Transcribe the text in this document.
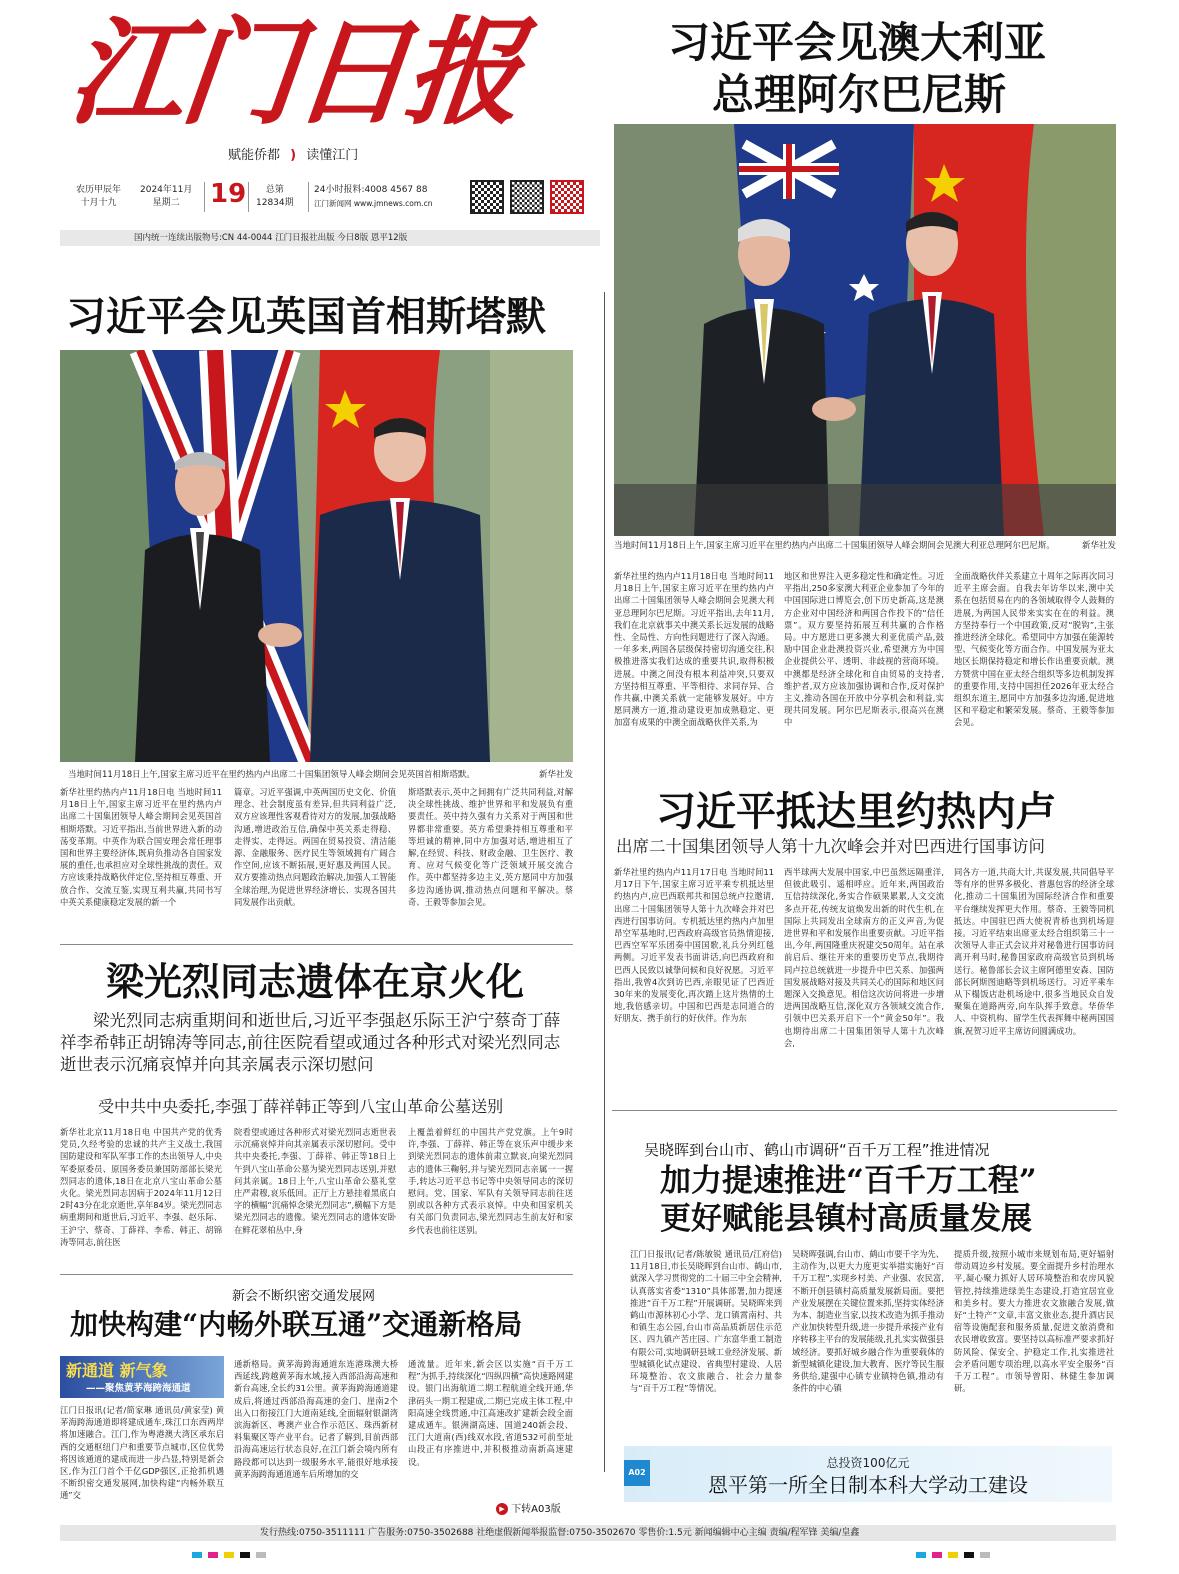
江门日报
赋能侨都 ) 读懂江门
农历甲辰年
十月十九
2024年11月
星期二	19	总第
12834期
24小时报料:4008 4567 88
江门新闻网 www.jmnews.com.cn
国内统一连续出版物号:CN 44-0044 江门日报社出版 今日8版 恩平12版
习近平会见澳大利亚
总理阿尔巴尼斯
当地时间11月18日上午,国家主席习近平在里约热内卢出席二十国集团领导人峰会期间会见澳大利亚总理阿尔巴尼斯。	新华社发
新华社里约热内卢11月18日电 当地时间11月18日上午,国家主席习近平在里约热内卢出席二十国集团领导人峰会期间会见澳大利亚总理阿尔巴尼斯。习近平指出,去年11月,我们在北京就事关中澳关系长远发展的战略性、全局性、方向性问题进行了深入沟通。一年多来,两国各层级保持密切沟通交往,积极推进落实我们达成的重要共识,取得积极进展。中澳之间没有根本利益冲突,只要双方坚持相互尊重、平等相待、求同存异、合作共赢,中澳关系就一定能够发展好。中方愿同澳方一道,推动建设更加成熟稳定、更加富有成果的中澳全面战略伙伴关系,为
地区和世界注入更多稳定性和确定性。习近平指出,250多家澳大利亚企业参加了今年的中国国际进口博览会,创下历史新高,这是澳方企业对中国经济和两国合作投下的“信任票”。双方要坚持拓展互利共赢的合作格局。中方愿进口更多澳大利亚优质产品,鼓励中国企业赴澳投资兴业,希望澳方为中国企业提供公平、透明、非歧视的营商环境。中澳都是经济全球化和自由贸易的支持者,维护者,双方应该加强协调和合作,反对保护主义,推动各国在开放中分享机会和利益,实现共同发展。阿尔巴尼斯表示,很高兴在澳中
全面战略伙伴关系建立十周年之际再次同习近平主席会面。自我去年访华以来,澳中关系在包括贸易在内的各领域取得令人鼓舞的进展,为两国人民带来实实在在的利益。澳方坚持奉行一个中国政策,反对“脱钩”,主张推进经济全球化。希望同中方加强在能源转型、气候变化等方面合作。中国发展为亚太地区长期保持稳定和增长作出重要贡献。澳方赞赏中国在亚太经合组织等多边机制发挥的重要作用,支持中国担任2026年亚太经合组织东道主,愿同中方加强多边沟通,促进地区和平稳定和繁荣发展。蔡奇、王毅等参加会见。
习近平抵达里约热内卢
出席二十国集团领导人第十九次峰会并对巴西进行国事访问
新华社里约热内卢11月17日电 当地时间11月17日下午,国家主席习近平乘专机抵达里约热内卢,应巴西联邦共和国总统卢拉邀请,出席二十国集团领导人第十九次峰会并对巴西进行国事访问。专机抵达里约热内卢加里昂空军基地时,巴西政府高级官员热情迎接,巴西空军军乐团奏中国国歌,礼兵分列红毯两侧。习近平发表书面讲话,向巴西政府和巴西人民致以诚挚问候和良好祝愿。习近平指出,我曾4次到访巴西,亲眼见证了巴西近30年来的发展变化,再次踏上这片热情的土地,我倍感亲切。中国和巴西是志同道合的好朋友、携手前行的好伙伴。作为东
西半球两大发展中国家,中巴虽然远隔重洋,但彼此吸引、遥相呼应。近年来,两国政治互信持续深化,务实合作硕果累累,人文交流多点开花,传统友谊焕发出新的时代生机,在国际上共同发出全球南方的正义声音,为促进世界和平和发展作出重要贡献。习近平指出,今年,两国隆重庆祝建交50周年。站在承前启后、继往开来的重要历史节点,我期待同卢拉总统就进一步提升中巴关系、加强两国发展战略对接及共同关心的国际和地区问题深入交换意见。相信这次访问将进一步增进两国战略互信,深化双方各领域交流合作,引领中巴关系开启下一个“黄金50年”。我也期待出席二十国集团领导人第十九次峰会,
同各方一道,共商大计,共谋发展,共同倡导平等有序的世界多极化、普惠包容的经济全球化,推动二十国集团为国际经济合作和重要平台继续发挥更大作用。蔡奇、王毅等同机抵达。中国驻巴西大使祝青桥也到机场迎接。习近平结束出席亚太经合组织第三十一次领导人非正式会议并对秘鲁进行国事访问离开利马时,秘鲁国家政府高级官员到机场送行。秘鲁部长会议主席阿德里安森、国防部长阿斯图迪略等到机场送行。习近平乘车从下榻饭店赴机场途中,很多当地民众自发聚集在道路两旁,向车队挥手致意。华侨华人、中资机构、留学生代表挥舞中秘两国国旗,祝贺习近平主席访问圆满成功。
吴晓晖到台山市、鹤山市调研“百千万工程”推进情况
加力提速推进“百千万工程”
更好赋能县镇村高质量发展
江门日报讯(记者/陈敏锐 通讯员/江府信) 11月18日,市长吴晓晖到台山市、鹤山市,就深入学习贯彻党的二十届三中全会精神,认真落实省委“1310”具体部署,加力提速推进“百千万工程”开展调研。吴晓晖来到鹤山市源林初心小学、龙口镇霄南村、共和镇生态公园,台山市高品质新居住示范区、四九镇产苦庄园、广东富华重工制造有限公司,实地调研县域工业经济发展、新型城镇化试点建设、省典型村建设、人居环境整治、农文旅融合、社会力量参与“百千万工程”等情况。
吴晓晖强调,台山市、鹤山市要千字为先、主动作为,以更大力度更实举措实施好“百千万工程”,实现乡村美、产业强、农民富,不断开创县镇村高质量发展新局面。要把产业发展摆在关键位置来抓,坚持实体经济为本、制造业当家,以技术改造为抓手推动产业加快转型升级,进一步提升承接产业有序转移主平台的发展能级,扎扎实实做强县域经济。要抓好城乡融合作为重要载体的新型城镇化建设,加大教育、医疗等民生服务供给,建强中心镇专业镇特色镇,推动有条件的中心镇
提质升级,按照小城市来规划布局,更好辐射带动周边乡村发展。要全面提升乡村治理水平,凝心聚力抓好人居环境整治和农房风貌管控,持续推进绿美生态建设,打造宜居宜业和美乡村。要大力推进农文旅融合发展,做好“土特产”文章,丰富文旅业态,提升酒店民宿等设施配套和服务质量,促进文旅消费和农民增收致富。要坚持以高标准严要求抓好防风险、保安全、护稳定工作,扎实推进社会矛盾问题专项治理,以高水平安全服务“百千万工程”。市领导曾阳、林健生参加调研。
A02
总投资100亿元
恩平第一所全日制本科大学动工建设
习近平会见英国首相斯塔默
当地时间11月18日上午,国家主席习近平在里约热内卢出席二十国集团领导人峰会期间会见英国首相斯塔默。	新华社发
新华社里约热内卢11月18日电 当地时间11月18日上午,国家主席习近平在里约热内卢出席二十国集团领导人峰会期间会见英国首相斯塔默。习近平指出,当前世界进入新的动荡变革期。中英作为联合国安理会常任理事国和世界主要经济体,既肩负推动各自国家发展的重任,也承担应对全球性挑战的责任。双方应该秉持战略伙伴定位,坚持相互尊重、开放合作、交流互鉴,实现互利共赢,共同书写中英关系健康稳定发展的新一个
篇章。习近平强调,中英两国历史文化、价值理念、社会制度虽有差异,但共同利益广泛,双方应该理性客观看待对方的发展,加强战略沟通,增进政治互信,确保中英关系走得稳、走得实、走得远。两国在贸易投资、清洁能源、金融服务、医疗民生等领域拥有广阔合作空间,应该不断拓展,更好惠及两国人民。双方要推动热点问题政治解决,加强人工智能全球治理,为促进世界经济增长、实现各国共同发展作出贡献。
斯塔默表示,英中之间拥有广泛共同利益,对解决全球性挑战、维护世界和平和发展负有重要责任。英中持久强有力关系对于两国和世界都非常重要。英方希望秉持相互尊重和平等坦诚的精神,同中方加强对话,增进相互了解,在经贸、科技、财政金融、卫生医疗、教育、应对气候变化等广泛领域开展交流合作。英中都坚持多边主义,英方愿同中方加强多边沟通协调,推动热点问题和平解决。蔡奇、王毅等参加会见。
梁光烈同志遗体在京火化
梁光烈同志病重期间和逝世后,习近平李强赵乐际王沪宁蔡奇丁薛祥李希韩正胡锦涛等同志,前往医院看望或通过各种形式对梁光烈同志逝世表示沉痛哀悼并向其亲属表示深切慰问
受中共中央委托,李强丁薛祥韩正等到八宝山革命公墓送别
新华社北京11月18日电 中国共产党的优秀党员,久经考验的忠诚的共产主义战士,我国国防建设和军队军事工作的杰出领导人,中央军委原委员、原国务委员兼国防部部长梁光烈同志的遗体,18日在北京八宝山革命公墓火化。梁光烈同志因病于2024年11月12日2时43分在北京逝世,享年84岁。梁光烈同志病重期间和逝世后,习近平、李强、赵乐际、王沪宁、蔡奇、丁薛祥、李希、韩正、胡锦涛等同志,前往医
院看望或通过各种形式对梁光烈同志逝世表示沉痛哀悼并向其亲属表示深切慰问。受中共中央委托,李强、丁薛祥、韩正等18日上午到八宝山革命公墓为梁光烈同志送别,并慰问其亲属。18日上午,八宝山革命公墓礼堂庄严肃穆,哀乐低回。正厅上方悬挂着黑底白字的横幅“沉痛悼念梁光烈同志”,横幅下方是梁光烈同志的遗像。梁光烈同志的遗体安卧在鲜花翠柏丛中,身
上覆盖着鲜红的中国共产党党旗。上午9时许,李强、丁薛祥、韩正等在哀乐声中缓步来到梁光烈同志的遗体前肃立默哀,向梁光烈同志的遗体三鞠躬,并与梁光烈同志亲属一一握手,转达习近平总书记等中央领导同志的深切慰问。党、国家、军队有关领导同志前往送别或以各种方式表示哀悼。中央和国家机关有关部门负责同志,梁光烈同志生前友好和家乡代表也前往送别。
新会不断织密交通发展网
加快构建“内畅外联互通”交通新格局
新通道 新气象
——聚焦黄茅海跨海通道
江门日报讯(记者/简家琳 通讯员/黄家莹) 黄茅海跨海通道即将建成通车,珠江口东西两岸将加速融合。江门,作为粤港澳大湾区承东启西的交通枢纽门户和重要节点城市,区位优势将因该通道的建成而进一步凸显,特别是新会区,作为江门首个千亿GDP强区,正抢抓机遇不断织密交通发展网,加快构建“内畅外联互通”交
通新格局。黄茅海跨海通道东连港珠澳大桥西延线,跨越黄茅海水域,接入西部沿海高速和新台高速,全长约31公里。黄茅海跨海通道建成后,将通过西部沿海高速的金门、崖南2个出入口衔接江门大道南延线,全面辐射银湖湾滨海新区、粤澳产业合作示范区、珠西新材料集聚区等产业平台。记者了解到,目前西部沿海高速运行状态良好,在江门新会境内所有路段都可以达到一级服务水平,能很好地承接黄茅海跨海通道通车后所增加的交
通流量。近年来,新会区以实施“百千万工程”为抓手,持续深化“四纵四横”高快速路网建设。银门出海航道二期工程航道全线开通,华津码头一期工程建成,二期已完成主体工程,中阳高速全线贯通,中江高速改扩建新会段全面建成通车。银洲湖高速、国道240新会段、江门大道南(西)线双水段,省道532可前至址山段正有序推进中,并积极推动南新高速建设。
▶ 下转A03版
发行热线:0750-3511111 广告服务:0750-3502688 社绝虚假新闻举报监督:0750-3502670 零售价:1.5元 新闻编辑中心主编 责编/程军锋 美编/皇鑫
